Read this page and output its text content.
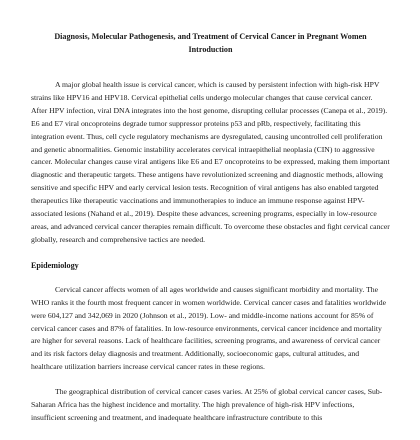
Diagnosis, Molecular Pathogenesis, and Treatment of Cervical Cancer in Pregnant Women Introduction

A major global health issue is cervical cancer, which is caused by persistent infection with high-risk HPV strains like HPV16 and HPV18. Cervical epithelial cells undergo molecular changes that cause cervical cancer. After HPV infection, viral DNA integrates into the host genome, disrupting cellular processes (Canepa et al., 2019). E6 and E7 viral oncoproteins degrade tumor suppressor proteins p53 and pRb, respectively, facilitating this integration event. Thus, cell cycle regulatory mechanisms are dysregulated, causing uncontrolled cell proliferation and genetic abnormalities. Genomic instability accelerates cervical intraepithelial neoplasia (CIN) to aggressive cancer. Molecular changes cause viral antigens like E6 and E7 oncoproteins to be expressed, making them important diagnostic and therapeutic targets. These antigens have revolutionized screening and diagnostic methods, allowing sensitive and specific HPV and early cervical lesion tests. Recognition of viral antigens has also enabled targeted therapeutics like therapeutic vaccinations and immunotherapies to induce an immune response against HPV-associated lesions (Nahand et al., 2019). Despite these advances, screening programs, especially in low-resource areas, and advanced cervical cancer therapies remain difficult. To overcome these obstacles and fight cervical cancer globally, research and comprehensive tactics are needed.

Epidemiology

Cervical cancer affects women of all ages worldwide and causes significant morbidity and mortality. The WHO ranks it the fourth most frequent cancer in women worldwide. Cervical cancer cases and fatalities worldwide were 604,127 and 342,069 in 2020 (Johnson et al., 2019). Low- and middle-income nations account for 85% of cervical cancer cases and 87% of fatalities. In low-resource environments, cervical cancer incidence and mortality are higher for several reasons. Lack of healthcare facilities, screening programs, and awareness of cervical cancer and its risk factors delay diagnosis and treatment. Additionally, socioeconomic gaps, cultural attitudes, and healthcare utilization barriers increase cervical cancer rates in these regions.

The geographical distribution of cervical cancer cases varies. At 25% of global cervical cancer cases, Sub-Saharan Africa has the highest incidence and mortality. The high prevalence of high-risk HPV infections, insufficient screening and treatment, and inadequate healthcare infrastructure contribute to this
